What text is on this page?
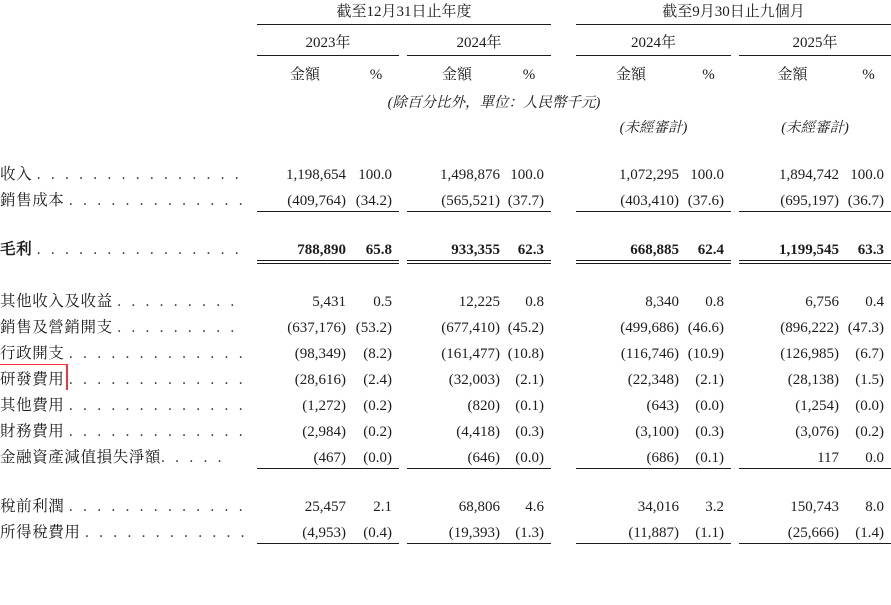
	截至12月31日止年度						截至9月30日止九個月				

	2023年			2024年			2024年			2025年	

	金額	%		金額	%		金額	%		金額	%
	(除百分比外，單位：人民幣千元)										
							(未經審計)			(未經審計)	

收入 . . . . . . . . . . . . . . .	1,198,654	100.0		1,498,876	100.0		1,072,295	100.0		1,894,742	100.0
銷售成本 . . . . . . . . . . . . .	(409,764)	(34.2)		(565,521)	(37.7)		(403,410)	(37.6)		(695,197)	(36.7)

毛利 . . . . . . . . . . . . . . .	788,890	65.8		933,355	62.3		668,885	62.4		1,199,545	63.3

其他收入及收益 . . . . . . . . .	5,431	0.5		12,225	0.8		8,340	0.8		6,756	0.4
銷售及營銷開支 . . . . . . . . .	(637,176)	(53.2)		(677,410)	(45.2)		(499,686)	(46.6)		(896,222)	(47.3)
行政開支 . . . . . . . . . . . . .	(98,349)	(8.2)		(161,477)	(10.8)		(116,746)	(10.9)		(126,985)	(6.7)
研發費用 . . . . . . . . . . . . .	(28,616)	(2.4)		(32,003)	(2.1)		(22,348)	(2.1)		(28,138)	(1.5)
其他費用 . . . . . . . . . . . . .	(1,272)	(0.2)		(820)	(0.1)		(643)	(0.0)		(1,254)	(0.0)
財務費用 . . . . . . . . . . . . .	(2,984)	(0.2)		(4,418)	(0.3)		(3,100)	(0.3)		(3,076)	(0.2)
金融資產減值損失淨額. . . . .	(467)	(0.0)		(646)	(0.0)		(686)	(0.1)		117	0.0

稅前利潤 . . . . . . . . . . . . .	25,457	2.1		68,806	4.6		34,016	3.2		150,743	8.0
所得稅費用 . . . . . . . . . . . .	(4,953)	(0.4)		(19,393)	(1.3)		(11,887)	(1.1)		(25,666)	(1.4)
